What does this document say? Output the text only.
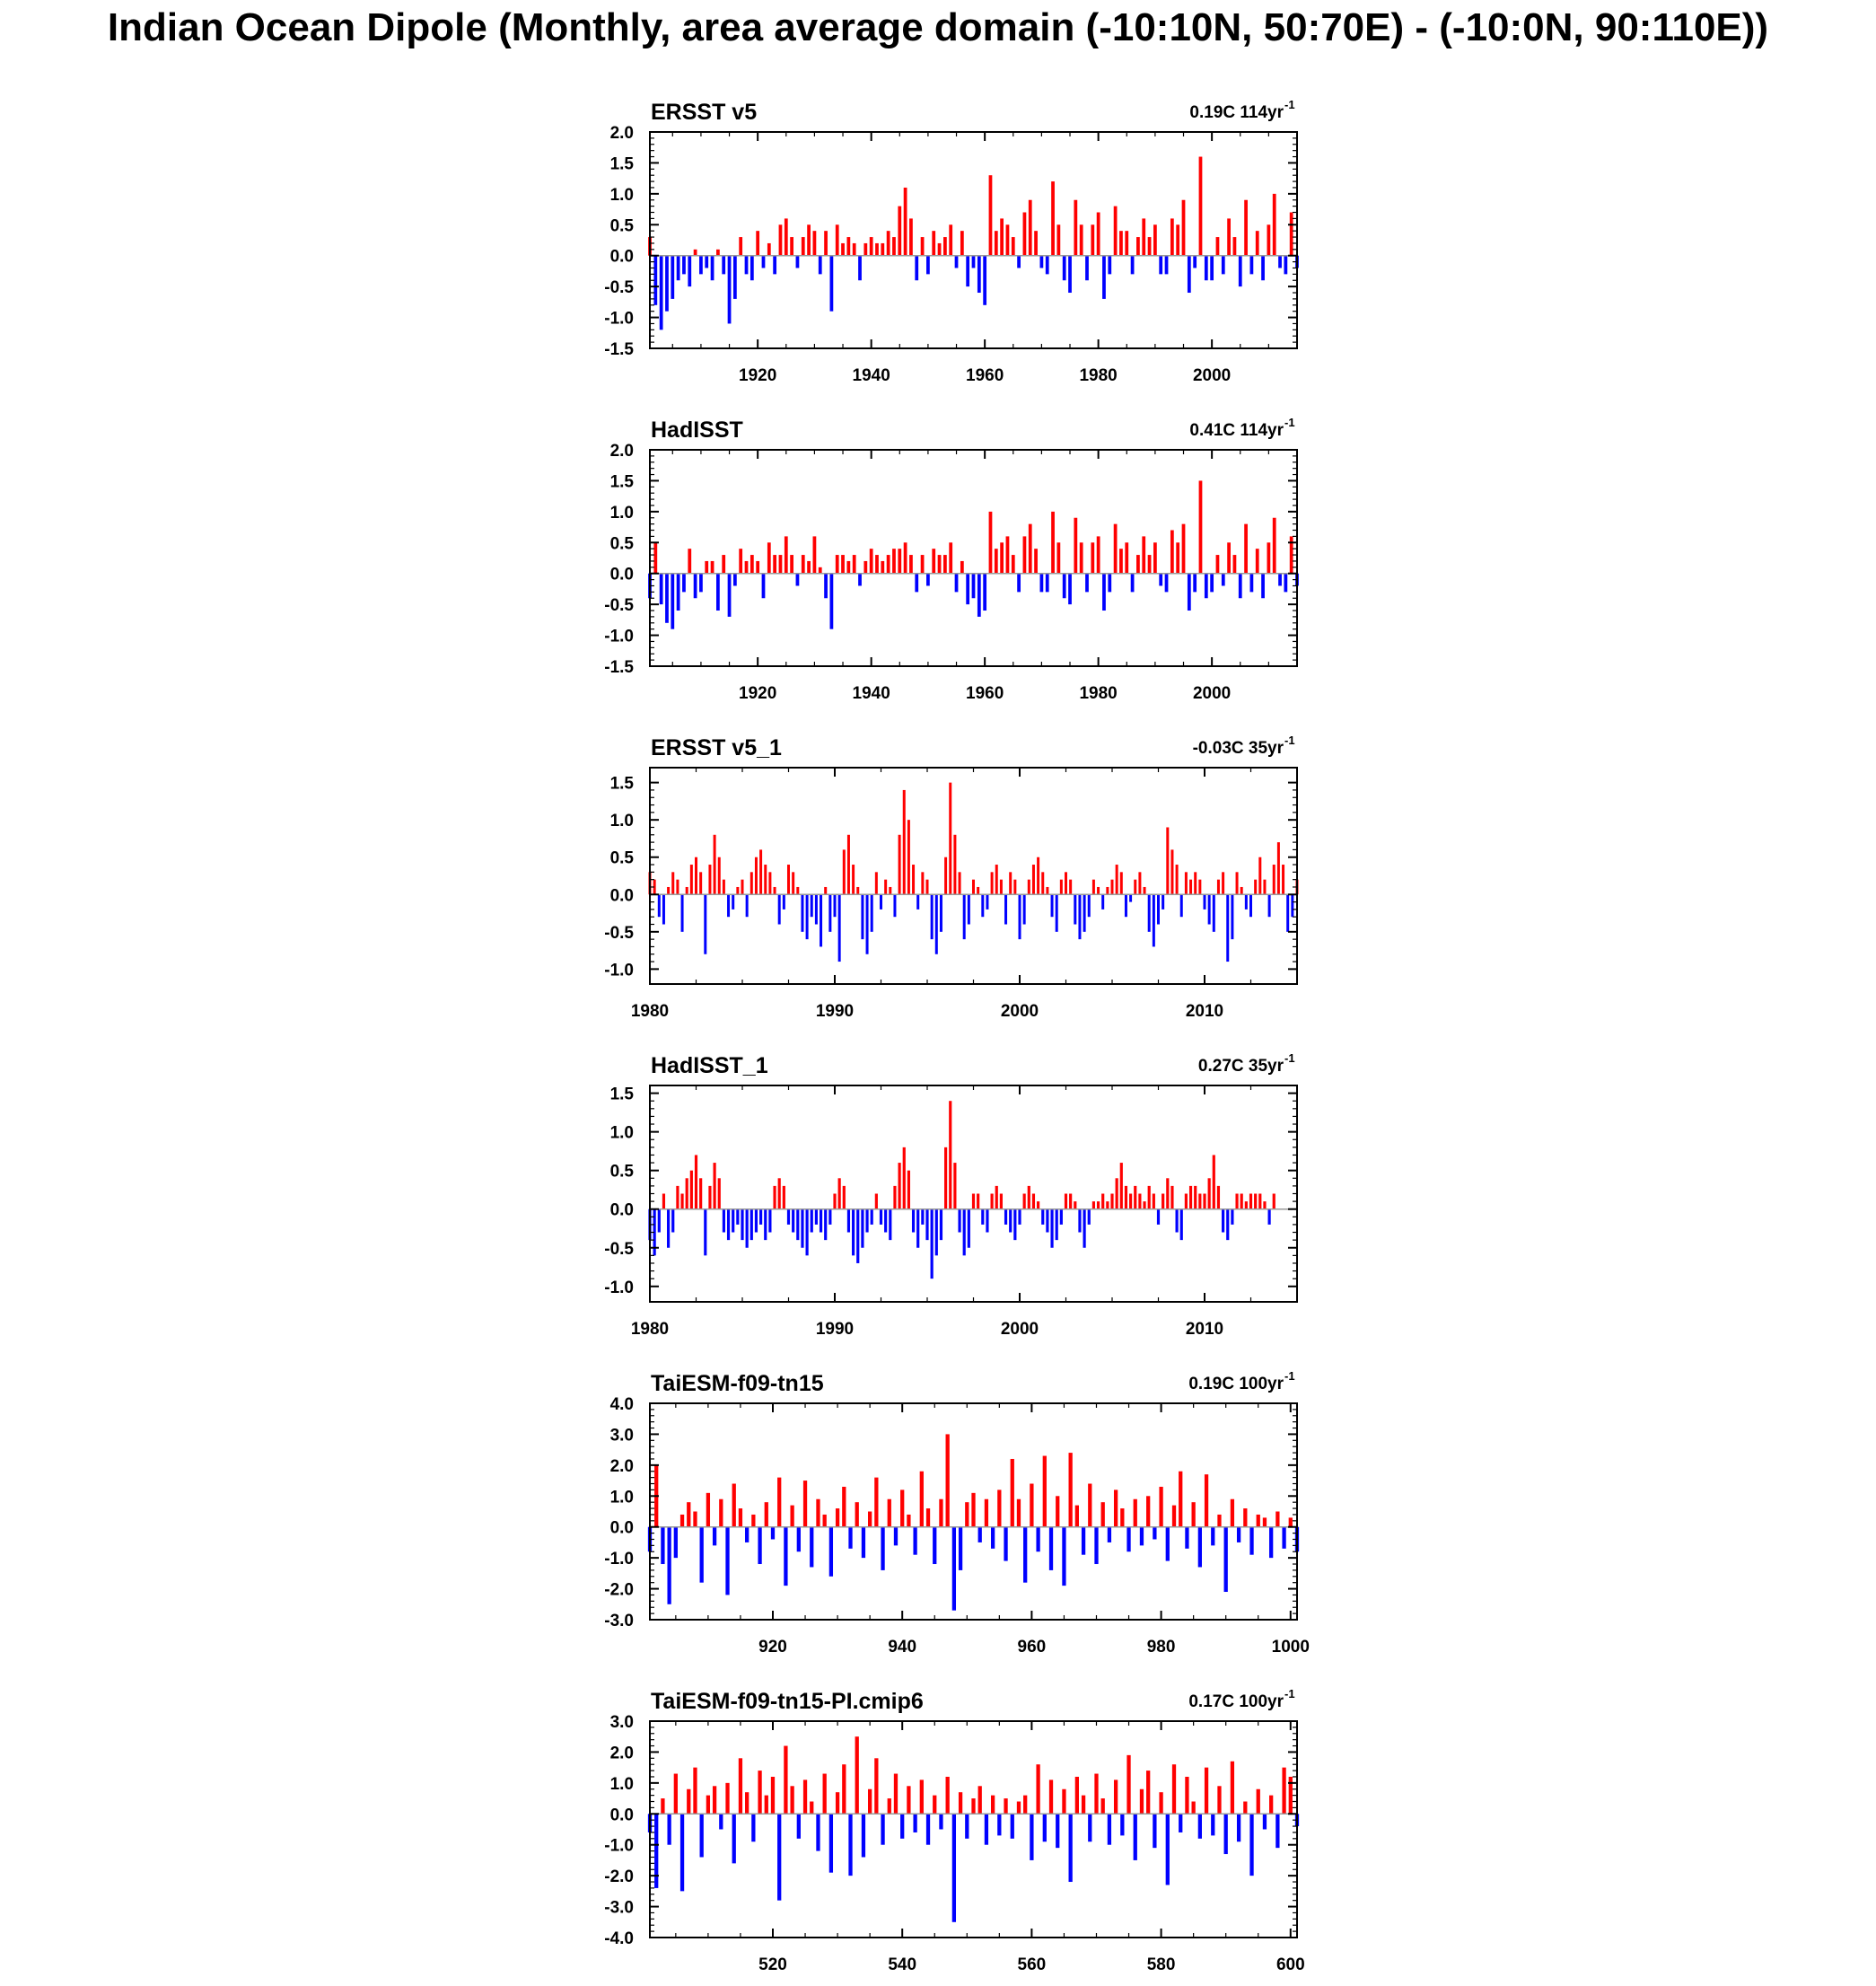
Indian Ocean Dipole (Monthly, area average domain (-10:10N, 50:70E) - (-10:0N, 90:110E))
-1.5
-1.0
-0.5
0.0
0.5
1.0
1.5
2.0
1920	1940	1960	1980	2000
ERSST v5	0.19C 114yr -1
-1.5
-1.0
-0.5
0.0
0.5
1.0
1.5
2.0
1920	1940	1960	1980	2000
HadISST	0.41C 114yr -1
-1.0
-0.5
0.0
0.5
1.0
1.5
1980	1990	2000	2010
ERSST v5_1	-0.03C 35yr -1
-1.0
-0.5
0.0
0.5
1.0
1.5
1980	1990	2000	2010
HadISST_1	0.27C 35yr -1
-3.0
-2.0
-1.0
0.0
1.0
2.0
3.0
4.0
920	940	960	980	1000
TaiESM-f09-tn15	0.19C 100yr -1
-4.0
-3.0
-2.0
-1.0
0.0
1.0
2.0
3.0
520	540	560	580	600
TaiESM-f09-tn15-PI.cmip6	0.17C 100yr -1
